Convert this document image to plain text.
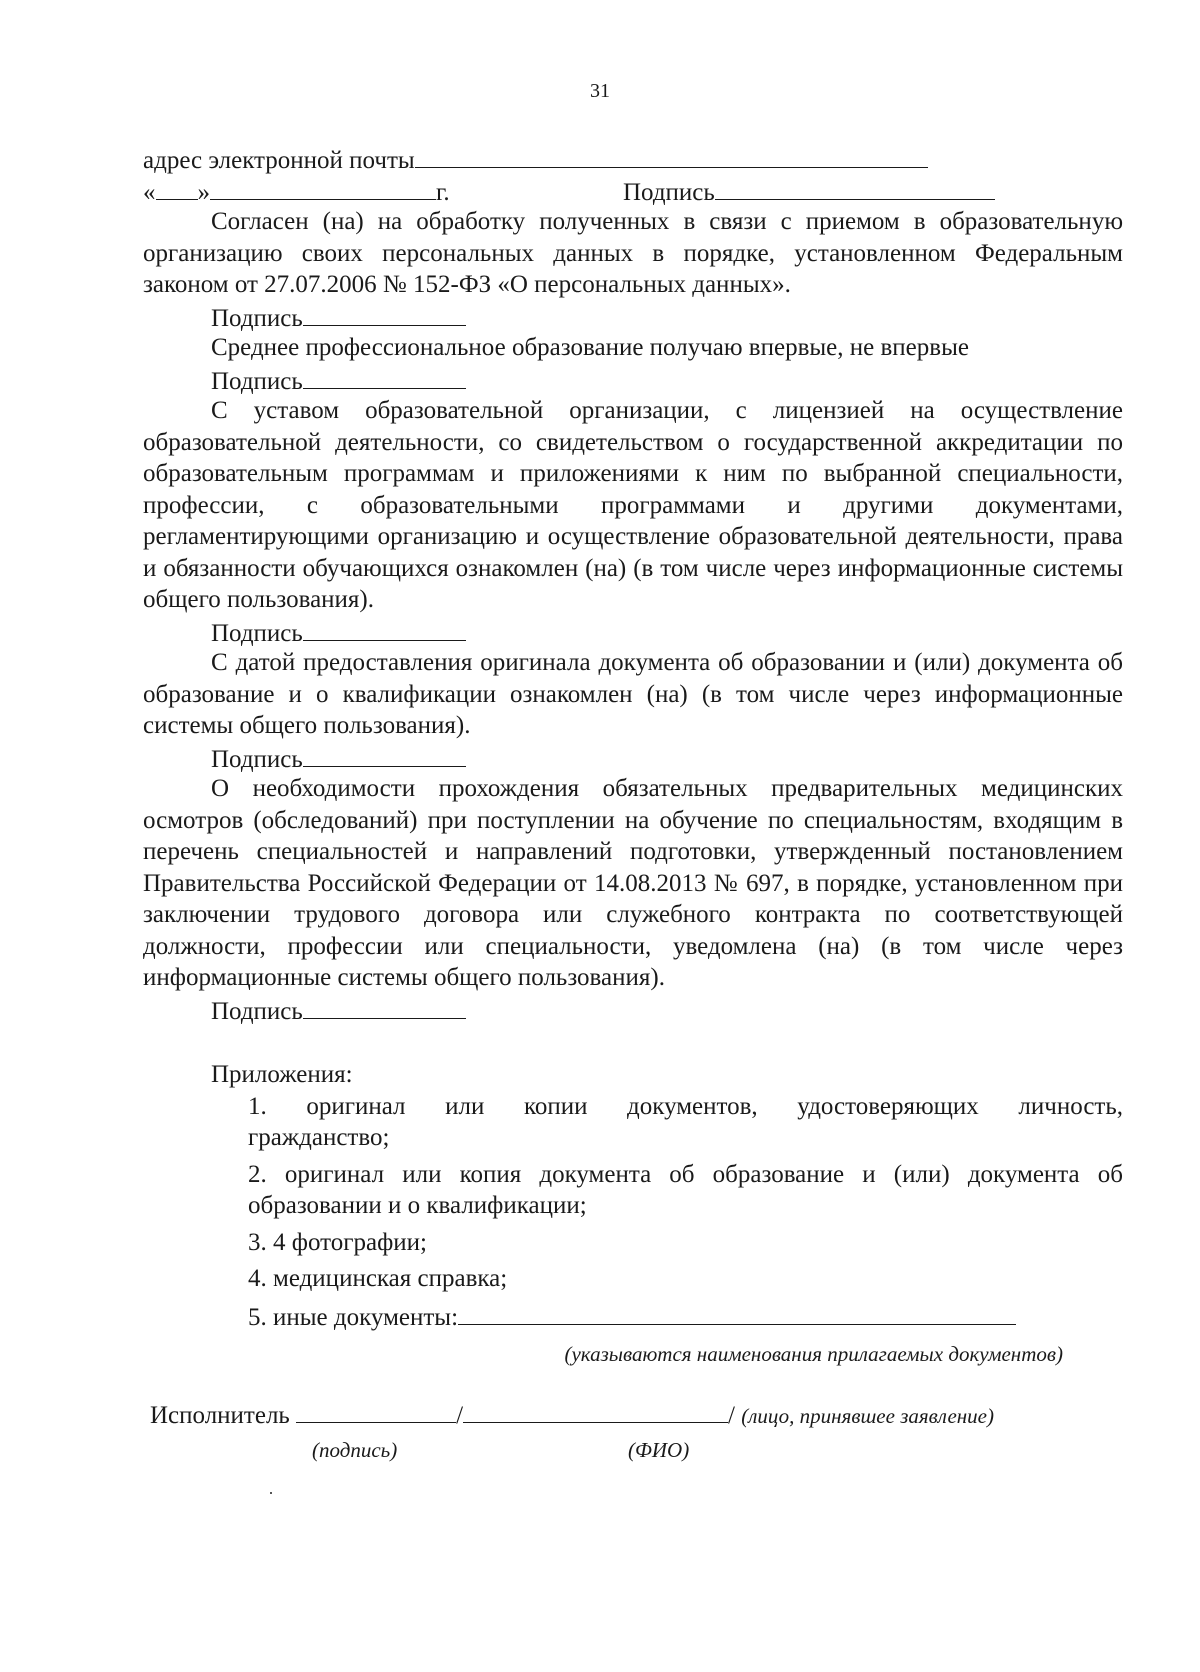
31
адрес электронной почты
« »	г.	Подпись

Согласен (на) на обработку полученных в связи с приемом в образовательную организацию своих персональных данных в порядке, установленном Федеральным законом от 27.07.2006 № 152-ФЗ «О персональных данных».

Подпись

Среднее профессиональное образование получаю впервые, не впервые

Подпись

С уставом образовательной организации, с лицензией на осуществление образовательной деятельности, со свидетельством о государственной аккредитации по образовательным программам и приложениями к ним по выбранной специальности, профессии, с образовательными программами и другими документами, регламентирующими организацию и осуществление образовательной деятельности, права и обязанности обучающихся ознакомлен (на) (в том числе через информационные системы общего пользования).

Подпись

С датой предоставления оригинала документа об образовании и (или) документа об образование и о квалификации ознакомлен (на) (в том числе через информационные системы общего пользования).

Подпись

О необходимости прохождения обязательных предварительных медицинских осмотров (обследований) при поступлении на обучение по специальностям, входящим в перечень специальностей и направлений подготовки, утвержденный постановлением Правительства Российской Федерации от 14.08.2013 № 697, в порядке, установленном при заключении трудового договора или служебного контракта по соответствующей должности, профессии или специальности, уведомлена (на) (в том числе через информационные системы общего пользования).

Подпись
Приложения:

1. оригинал или копии документов, удостоверяющих личность,

гражданство;

2. оригинал или копия документа об образование и (или) документа об образовании и о квалификации;

3. 4 фотографии;

4. медицинская справка;

5. иные документы:
(указываются наименования прилагаемых документов)
Исполнитель	/	/ (лицо, принявшее заявление)
(подпись)	(ФИО)
